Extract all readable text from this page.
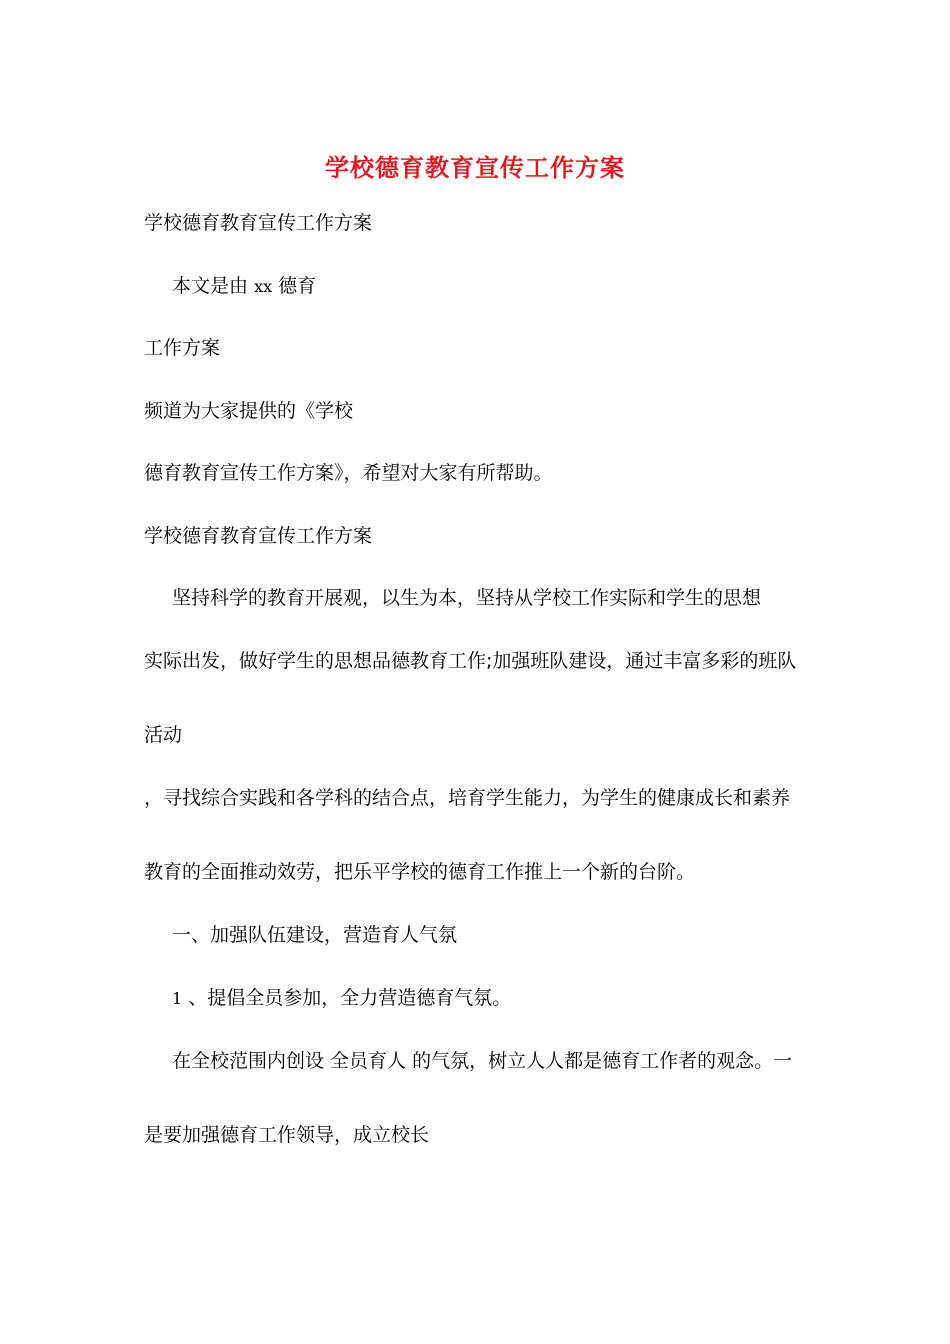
学校德育教育宣传工作方案
学校德育教育宣传工作方案
本文是由 xx 德育
工作方案
频道为大家提供的《学校
德育教育宣传工作方案》，希望对大家有所帮助。
学校德育教育宣传工作方案
坚持科学的教育开展观，以生为本，坚持从学校工作实际和学生的思想
实际出发，做好学生的思想品德教育工作;加强班队建设，通过丰富多彩的班队
活动
，寻找综合实践和各学科的结合点，培育学生能力，为学生的健康成长和素养
教育的全面推动效劳，把乐平学校的德育工作推上一个新的台阶。
一、加强队伍建设，营造育人气氛
1 、提倡全员参加，全力营造德育气氛。
在全校范围内创设 全员育人 的气氛，树立人人都是德育工作者的观念。一
是要加强德育工作领导，成立校长
